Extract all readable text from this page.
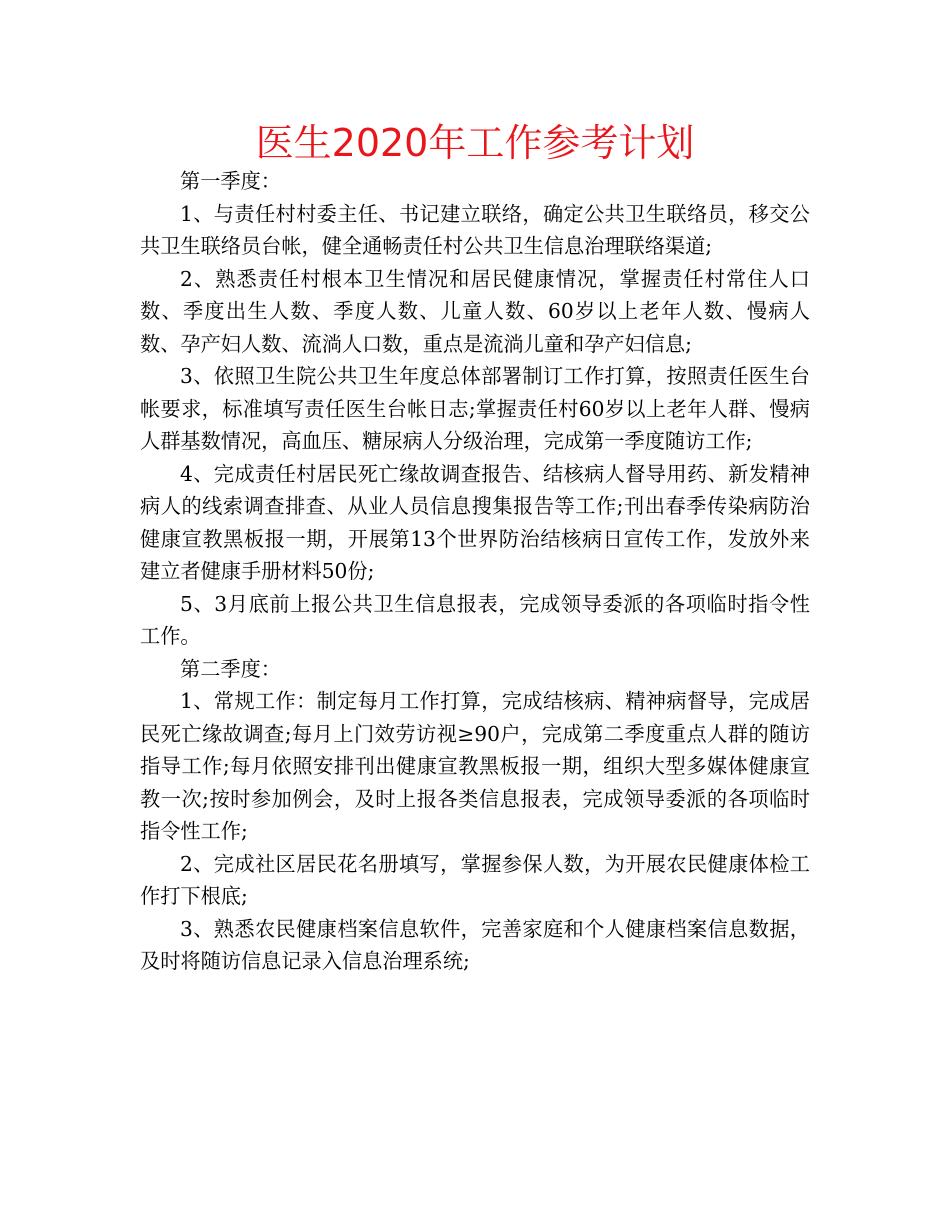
医生2020年工作参考计划

第一季度：

1、与责任村村委主任、书记建立联络，确定公共卫生联络员，移交公共卫生联络员台帐，健全通畅责任村公共卫生信息治理联络渠道;

2、熟悉责任村根本卫生情况和居民健康情况，掌握责任村常住人口数、季度出生人数、季度人数、儿童人数、60岁以上老年人数、慢病人数、孕产妇人数、流淌人口数，重点是流淌儿童和孕产妇信息;

3、依照卫生院公共卫生年度总体部署制订工作打算，按照责任医生台帐要求，标准填写责任医生台帐日志;掌握责任村60岁以上老年人群、慢病人群基数情况，高血压、糖尿病人分级治理，完成第一季度随访工作;

4、完成责任村居民死亡缘故调查报告、结核病人督导用药、新发精神病人的线索调查排查、从业人员信息搜集报告等工作;刊出春季传染病防治健康宣教黑板报一期，开展第13个世界防治结核病日宣传工作，发放外来建立者健康手册材料50份;

5、3月底前上报公共卫生信息报表，完成领导委派的各项临时指令性工作。

第二季度：

1、常规工作：制定每月工作打算，完成结核病、精神病督导，完成居民死亡缘故调查;每月上门效劳访视≥90户，完成第二季度重点人群的随访指导工作;每月依照安排刊出健康宣教黑板报一期，组织大型多媒体健康宣教一次;按时参加例会，及时上报各类信息报表，完成领导委派的各项临时指令性工作;

2、完成社区居民花名册填写，掌握参保人数，为开展农民健康体检工作打下根底;

3、熟悉农民健康档案信息软件，完善家庭和个人健康档案信息数据，及时将随访信息记录入信息治理系统;
